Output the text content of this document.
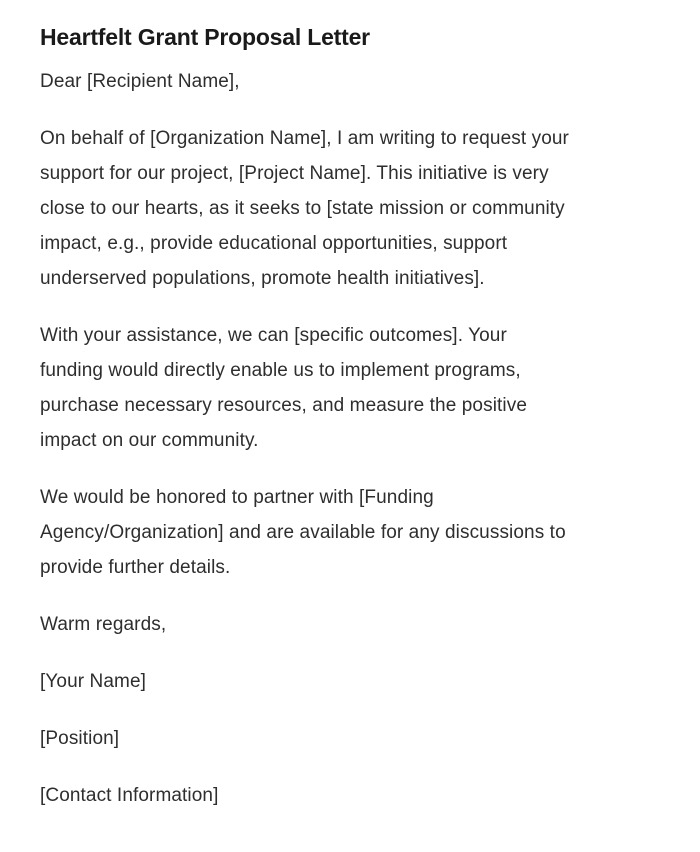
Heartfelt Grant Proposal Letter
Dear [Recipient Name],
On behalf of [Organization Name], I am writing to request your
support for our project, [Project Name]. This initiative is very
close to our hearts, as it seeks to [state mission or community
impact, e.g., provide educational opportunities, support
underserved populations, promote health initiatives].
With your assistance, we can [specific outcomes]. Your
funding would directly enable us to implement programs,
purchase necessary resources, and measure the positive
impact on our community.
We would be honored to partner with [Funding
Agency/Organization] and are available for any discussions to
provide further details.
Warm regards,
[Your Name]
[Position]
[Contact Information]
